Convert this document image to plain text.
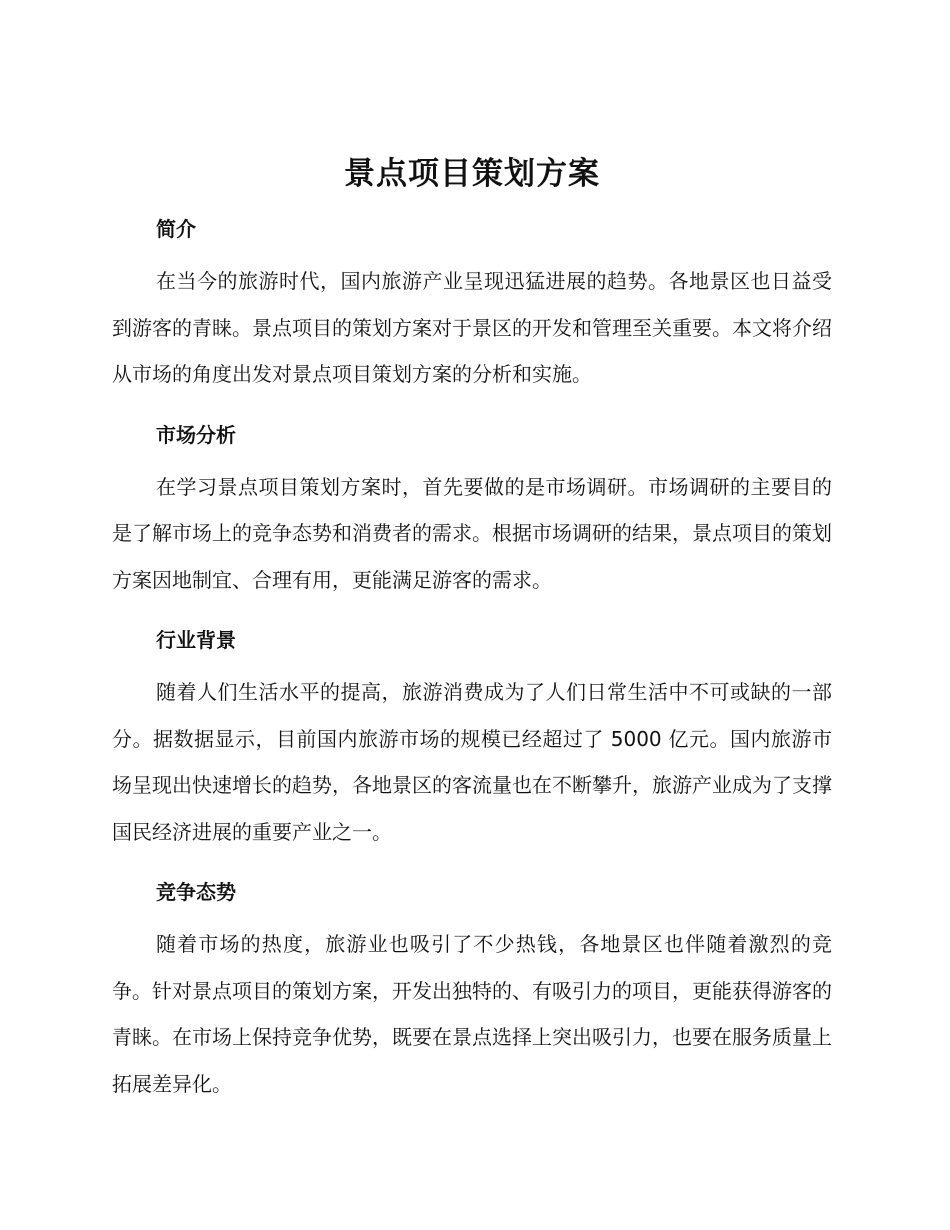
景点项目策划方案
简介

在当今的旅游时代，国内旅游产业呈现迅猛进展的趋势。各地景区也日益受到游客的青睐。景点项目的策划方案对于景区的开发和管理至关重要。本文将介绍从市场的角度出发对景点项目策划方案的分析和实施。

市场分析

在学习景点项目策划方案时，首先要做的是市场调研。市场调研的主要目的是了解市场上的竞争态势和消费者的需求。根据市场调研的结果，景点项目的策划方案因地制宜、合理有用，更能满足游客的需求。

行业背景

随着人们生活水平的提高，旅游消费成为了人们日常生活中不可或缺的一部分。据数据显示，目前国内旅游市场的规模已经超过了 5000 亿元。国内旅游市场呈现出快速增长的趋势，各地景区的客流量也在不断攀升，旅游产业成为了支撑国民经济进展的重要产业之一。

竞争态势

随着市场的热度，旅游业也吸引了不少热钱，各地景区也伴随着激烈的竞争。针对景点项目的策划方案，开发出独特的、有吸引力的项目，更能获得游客的青睐。在市场上保持竞争优势，既要在景点选择上突出吸引力，也要在服务质量上拓展差异化。
